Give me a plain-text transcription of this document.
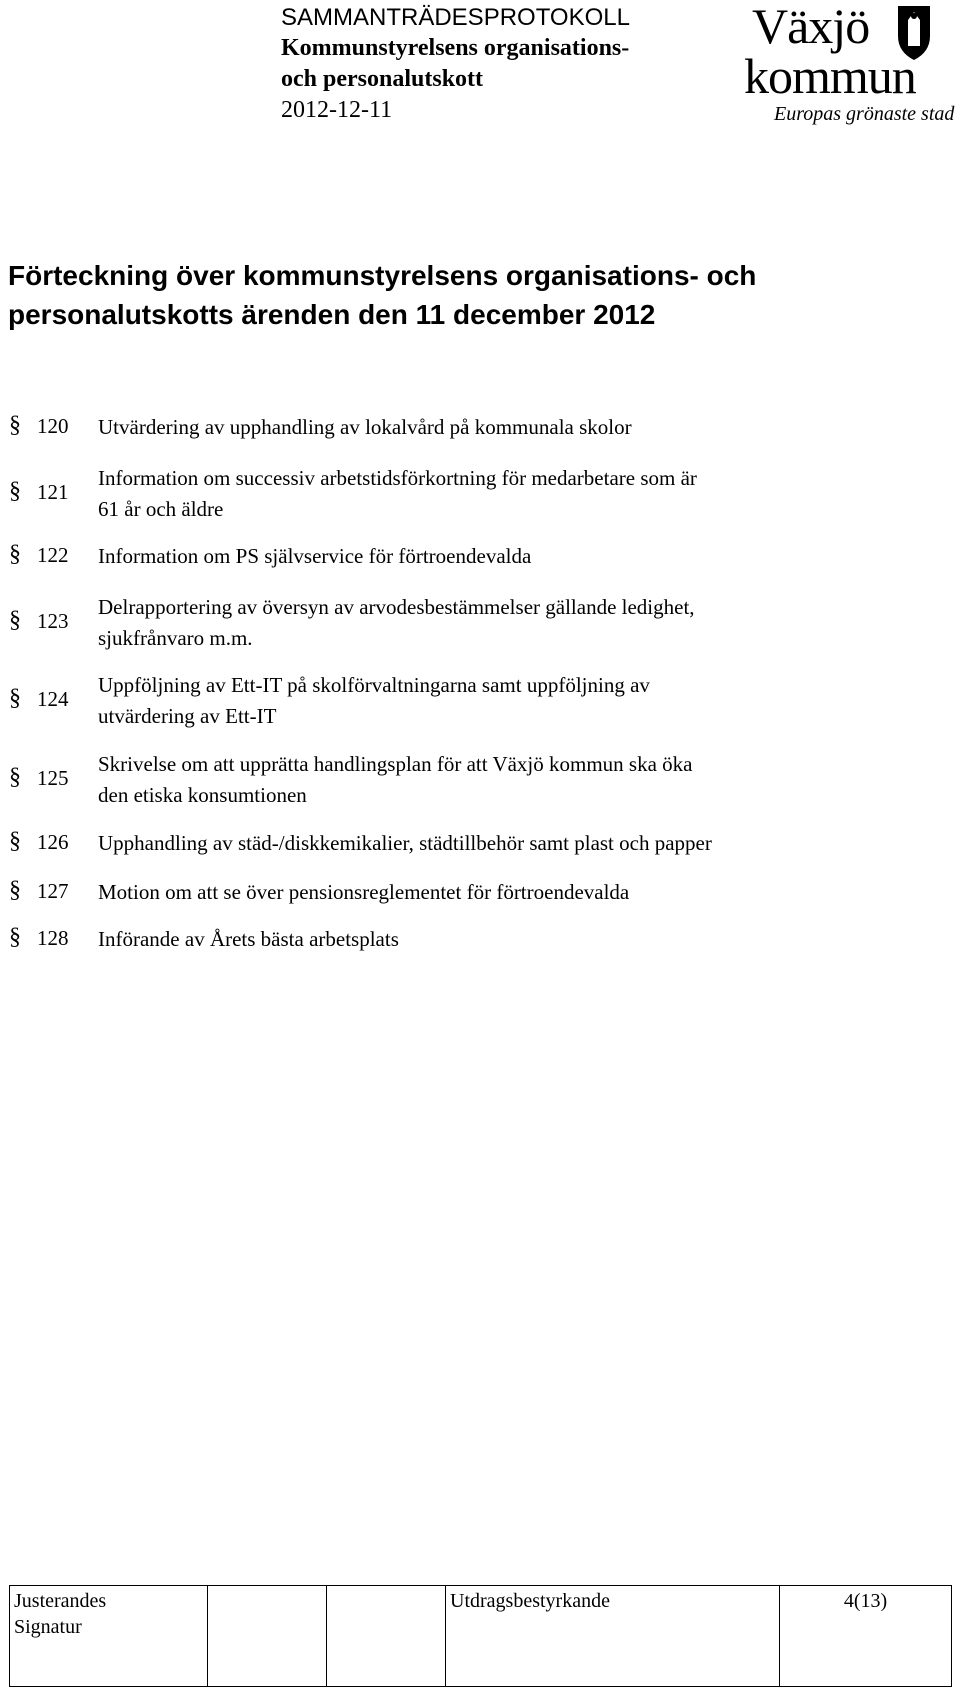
SAMMANTRÄDESPROTOKOLL
Kommunstyrelsens organisations-
och personalutskott
2012-12-11
Växjö
kommun
Europas grönaste stad
Förteckning över kommunstyrelsens organisations- och
personalutskotts ärenden den 11 december 2012
§ 120 Utvärdering av upphandling av lokalvård på kommunala skolor
§ 121
Information om successiv arbetstidsförkortning för medarbetare som är
61 år och äldre
§ 122 Information om PS självservice för förtroendevalda
§ 123
Delrapportering av översyn av arvodesbestämmelser gällande ledighet,
sjukfrånvaro m.m.
§ 124
Uppföljning av Ett-IT på skolförvaltningarna samt uppföljning av
utvärdering av Ett-IT
§ 125
Skrivelse om att upprätta handlingsplan för att Växjö kommun ska öka
den etiska konsumtionen
§ 126 Upphandling av städ-/diskkemikalier, städtillbehör samt plast och papper
§ 127 Motion om att se över pensionsreglementet för förtroendevalda
§ 128 Införande av Årets bästa arbetsplats
Justerandes
Signatur			Utdragsbestyrkande	4(13)
